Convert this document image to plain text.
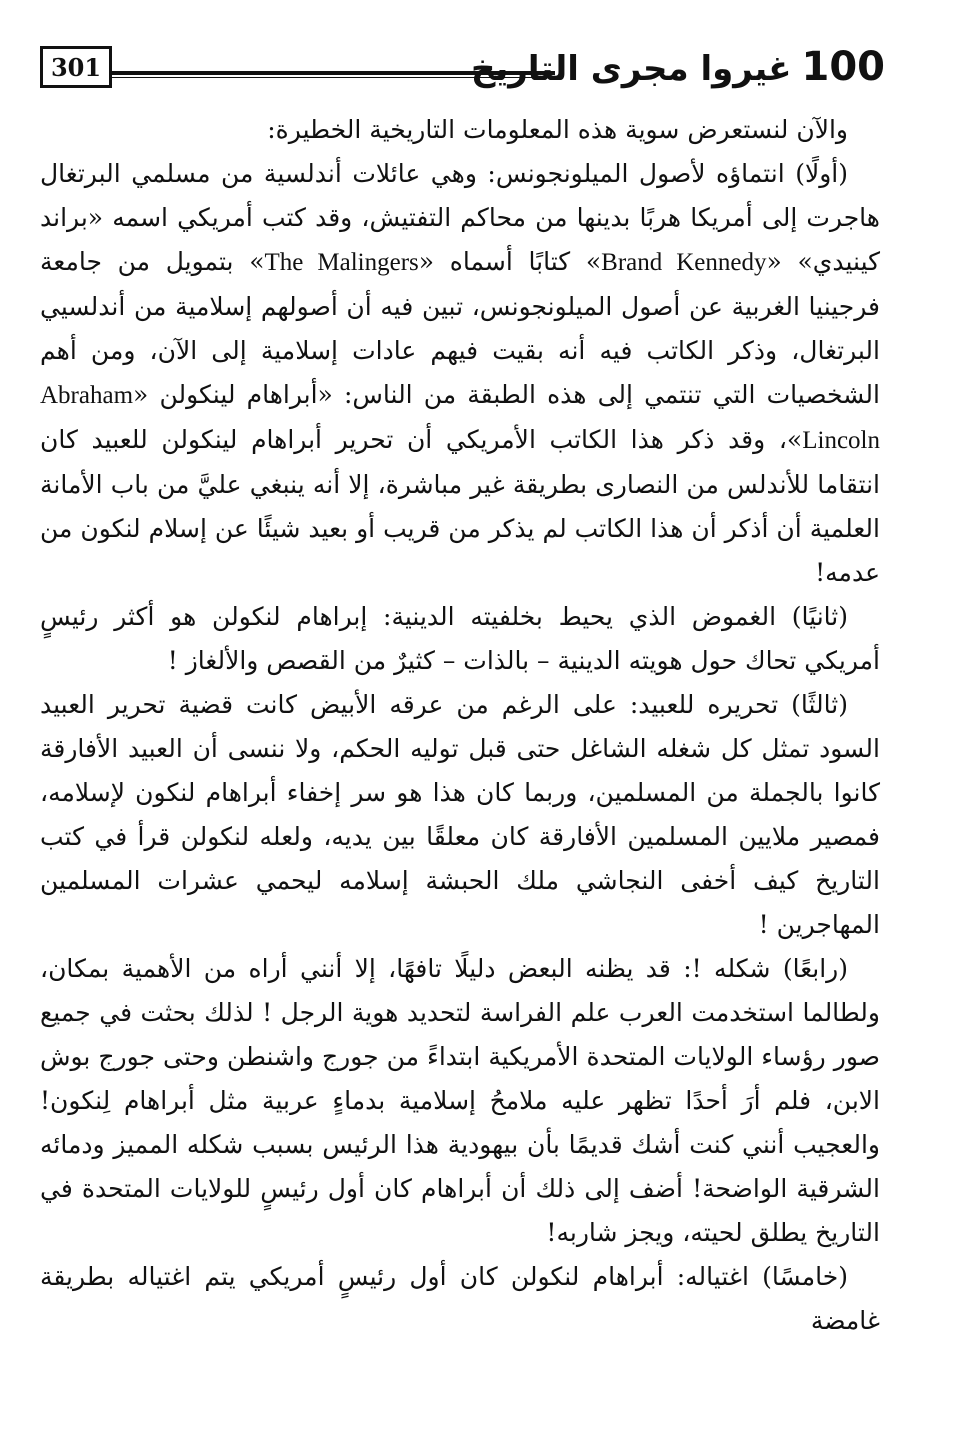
301	100غيروا مجرى التاريخ

والآن لنستعرض سوية هذه المعلومات التاريخية الخطيرة:

(أولًا) انتماؤه لأصول الميلونجونس: وهي عائلات أندلسية من مسلمي البرتغال هاجرت إلى أمريكا هربًا بدينها من محاكم التفتيش، وقد كتب أمريكي اسمه «براند كينيدي» «Brand Kennedy» كتابًا أسماه «The Malingers» بتمويل من جامعة فرجينيا الغربية عن أصول الميلونجونس، تبين فيه أن أصولهم إسلامية من أندلسيي البرتغال، وذكر الكاتب فيه أنه بقيت فيهم عادات إسلامية إلى الآن، ومن أهم الشخصيات التي تنتمي إلى هذه الطبقة من الناس: «أبراهام لينكولن «Abraham Lincoln»، وقد ذكر هذا الكاتب الأمريكي أن تحرير أبراهام لينكولن للعبيد كان انتقاما للأندلس من النصارى بطريقة غير مباشرة، إلا أنه ينبغي عليَّ من باب الأمانة العلمية أن أذكر أن هذا الكاتب لم يذكر من قريب أو بعيد شيئًا عن إسلام لنكون من عدمه!

(ثانيًا) الغموض الذي يحيط بخلفيته الدينية: إبراهام لنكولن هو أكثر رئيسٍ أمريكي تحاك حول هويته الدينية – بالذات – كثيرٌ من القصص والألغاز !

(ثالثًا) تحريره للعبيد: على الرغم من عرقه الأبيض كانت قضية تحرير العبيد السود تمثل كل شغله الشاغل حتى قبل توليه الحكم، ولا ننسى أن العبيد الأفارقة كانوا بالجملة من المسلمين، وربما كان هذا هو سر إخفاء أبراهام لنكون لإسلامه، فمصير ملايين المسلمين الأفارقة كان معلقًا بين يديه، ولعله لنكولن قرأ في كتب التاريخ كيف أخفى النجاشي ملك الحبشة إسلامه ليحمي عشرات المسلمين المهاجرين !

(رابعًا) شكله !: قد يظنه البعض دليلًا تافهًا، إلا أنني أراه من الأهمية بمكان، ولطالما استخدمت العرب علم الفراسة لتحديد هوية الرجل ! لذلك بحثت في جميع صور رؤساء الولايات المتحدة الأمريكية ابتداءً من جورج واشنطن وحتى جورج بوش الابن، فلم أرَ أحدًا تظهر عليه ملامحُ إسلامية بدماءٍ عربية مثل أبراهام لِنكون! والعجيب أنني كنت أشك قديمًا بأن بيهودية هذا الرئيس بسبب شكله المميز ودمائه الشرقية الواضحة! أضف إلى ذلك أن أبراهام كان أول رئيسٍ للولايات المتحدة في التاريخ يطلق لحيته، ويجز شاربه!

(خامسًا) اغتياله: أبراهام لنكولن كان أول رئيسٍ أمريكي يتم اغتياله بطريقة غامضة
